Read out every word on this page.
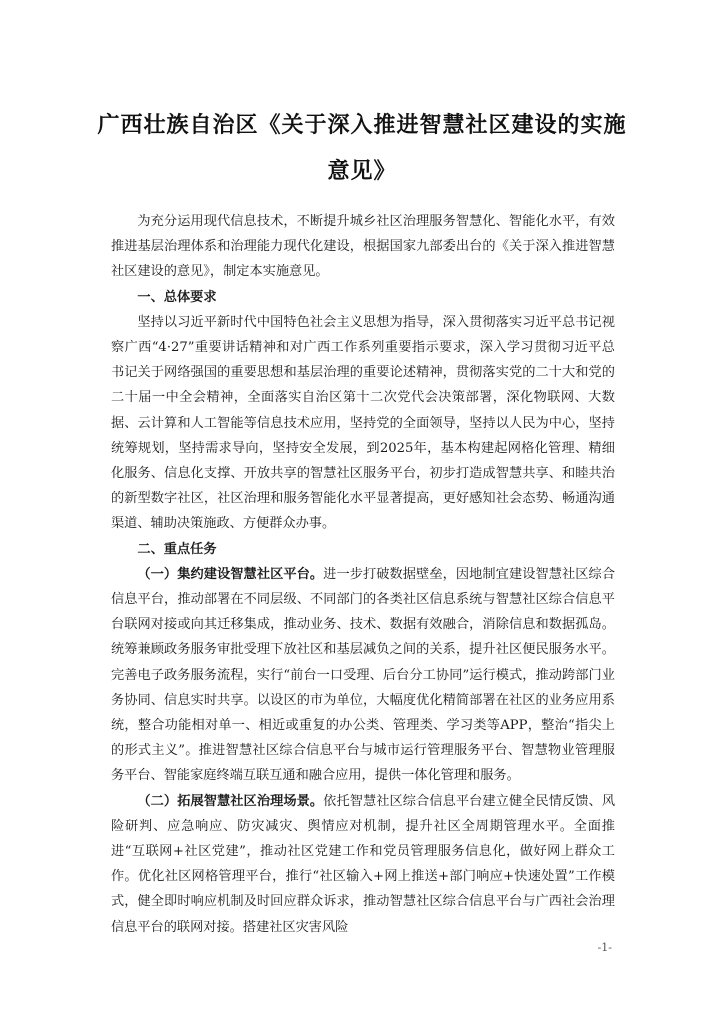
广西壮族自治区《关于深入推进智慧社区建设的实施
意见》

为充分运用现代信息技术，不断提升城乡社区治理服务智慧化、智能化水平，有效推进基层治理体系和治理能力现代化建设，根据国家九部委出台的《关于深入推进智慧社区建设的意见》，制定本实施意见。

一、总体要求

坚持以习近平新时代中国特色社会主义思想为指导，深入贯彻落实习近平总书记视察广西“4·27”重要讲话精神和对广西工作系列重要指示要求，深入学习贯彻习近平总书记关于网络强国的重要思想和基层治理的重要论述精神，贯彻落实党的二十大和党的二十届一中全会精神，全面落实自治区第十二次党代会决策部署，深化物联网、大数据、云计算和人工智能等信息技术应用，坚持党的全面领导，坚持以人民为中心，坚持统筹规划，坚持需求导向，坚持安全发展，到2025年，基本构建起网格化管理、精细化服务、信息化支撑、开放共享的智慧社区服务平台，初步打造成智慧共享、和睦共治的新型数字社区，社区治理和服务智能化水平显著提高，更好感知社会态势、畅通沟通渠道、辅助决策施政、方便群众办事。

二、重点任务

（一）集约建设智慧社区平台。进一步打破数据壁垒，因地制宜建设智慧社区综合信息平台，推动部署在不同层级、不同部门的各类社区信息系统与智慧社区综合信息平台联网对接或向其迁移集成，推动业务、技术、数据有效融合，消除信息和数据孤岛。统筹兼顾政务服务审批受理下放社区和基层减负之间的关系，提升社区便民服务水平。完善电子政务服务流程，实行“前台一口受理、后台分工协同”运行模式，推动跨部门业务协同、信息实时共享。以设区的市为单位，大幅度优化精简部署在社区的业务应用系统，整合功能相对单一、相近或重复的办公类、管理类、学习类等APP，整治“指尖上的形式主义”。推进智慧社区综合信息平台与城市运行管理服务平台、智慧物业管理服务平台、智能家庭终端互联互通和融合应用，提供一体化管理和服务。

（二）拓展智慧社区治理场景。依托智慧社区综合信息平台建立健全民情反馈、风险研判、应急响应、防灾减灾、舆情应对机制，提升社区全周期管理水平。全面推进“互联网+社区党建”，推动社区党建工作和党员管理服务信息化，做好网上群众工作。优化社区网格管理平台，推行“社区输入+网上推送+部门响应+快速处置”工作模式，健全即时响应机制及时回应群众诉求，推动智慧社区综合信息平台与广西社会治理信息平台的联网对接。搭建社区灾害风险

-1-
